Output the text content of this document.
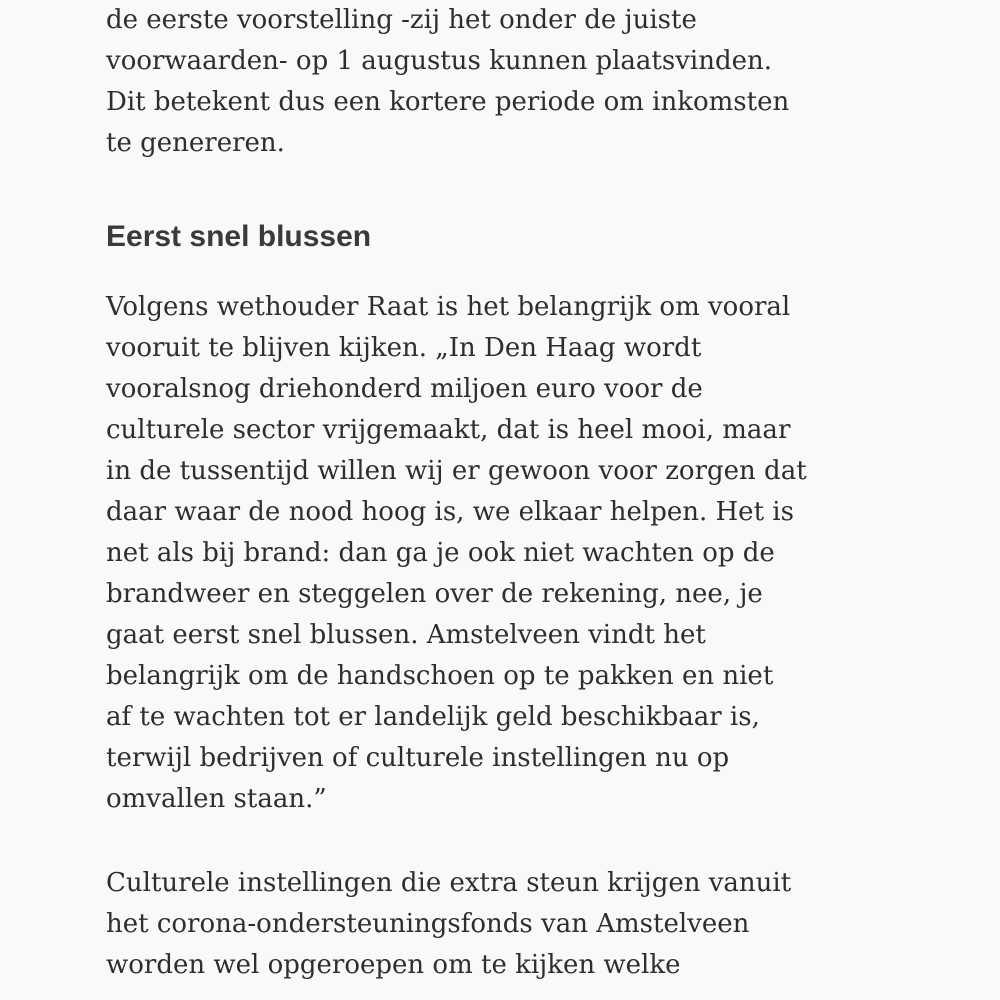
de eerste voorstelling -zij het onder de juiste
voorwaarden- op 1 augustus kunnen plaatsvinden.
Dit betekent dus een kortere periode om inkomsten
te genereren.

Eerst snel blussen

Volgens wethouder Raat is het belangrijk om vooral
vooruit te blijven kijken. „In Den Haag wordt
vooralsnog driehonderd miljoen euro voor de
culturele sector vrijgemaakt, dat is heel mooi, maar
in de tussentijd willen wij er gewoon voor zorgen dat
daar waar de nood hoog is, we elkaar helpen. Het is
net als bij brand: dan ga je ook niet wachten op de
brandweer en steggelen over de rekening, nee, je
gaat eerst snel blussen. Amstelveen vindt het
belangrijk om de handschoen op te pakken en niet
af te wachten tot er landelijk geld beschikbaar is,
terwijl bedrijven of culturele instellingen nu op
omvallen staan.”

Culturele instellingen die extra steun krijgen vanuit
het corona-ondersteuningsfonds van Amstelveen
worden wel opgeroepen om te kijken welke
